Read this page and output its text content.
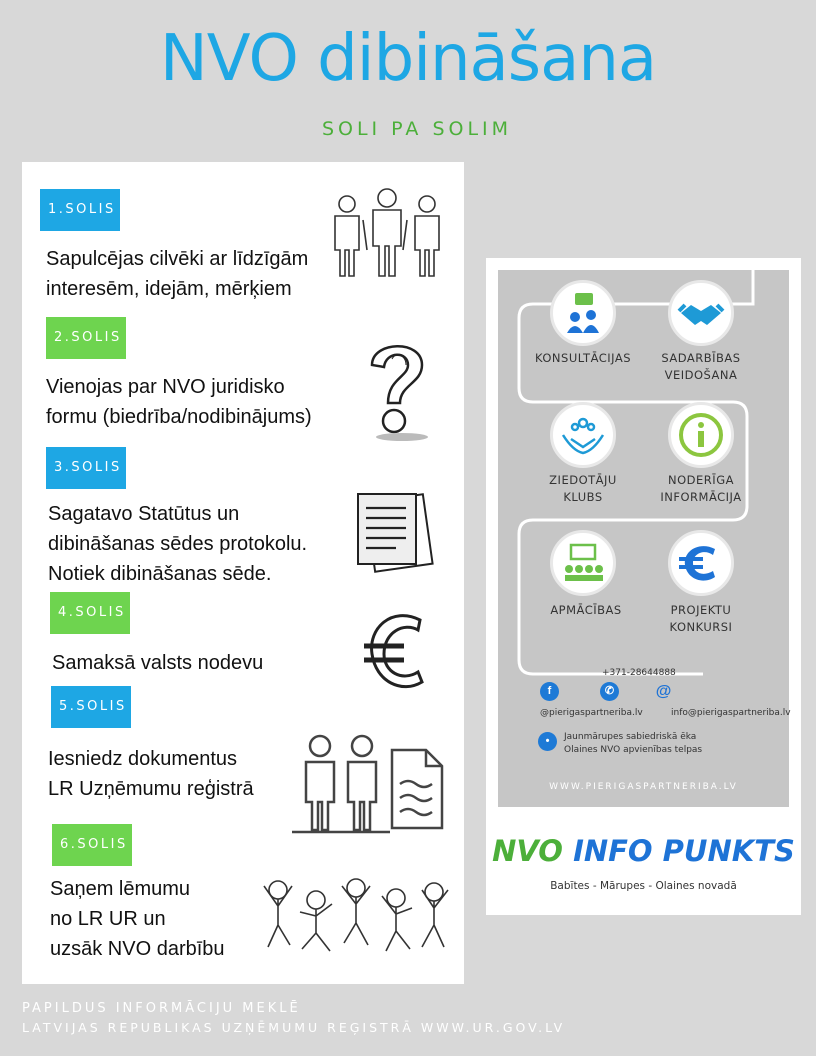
NVO dibināšana
SOLI PA SOLIM
1.SOLIS
Sapulcējas cilvēki ar līdzīgām
interesēm, idejām, mērķiem
2.SOLIS
Vienojas par NVO juridisko
formu (biedrība/nodibinājums)
3.SOLIS
Sagatavo Statūtus un
dibināšanas sēdes protokolu.
Notiek dibināšanas sēde.
4.SOLIS
Samaksā valsts nodevu
5.SOLIS
Iesniedz dokumentus
LR Uzņēmumu reģistrā
6.SOLIS
Saņem lēmumu
no LR UR un
uzsāk NVO darbību
WWW.PIERIGASPARTNERIBA.LV
KONSULTĀCIJAS	SADARBĪBAS
VEIDOŠANA
ZIEDOTĀJU
KLUBS
NODERĪGA
INFORMĀCIJA
APMĀCĪBAS	PROJEKTU
KONKURSI
+371-28644888
f	✆	@
@pierigaspartneriba.lv	info@pierigaspartneriba.lv
•	Jaunmārupes sabiedriskā ēka
Olaines NVO apvienības telpas
NVO INFO PUNKTS
Babītes - Mārupes - Olaines novadā
PAPILDUS INFORMĀCIJU MEKLĒ
LATVIJAS REPUBLIKAS UZŅĒMUMU REĢISTRĀ WWW.UR.GOV.LV
